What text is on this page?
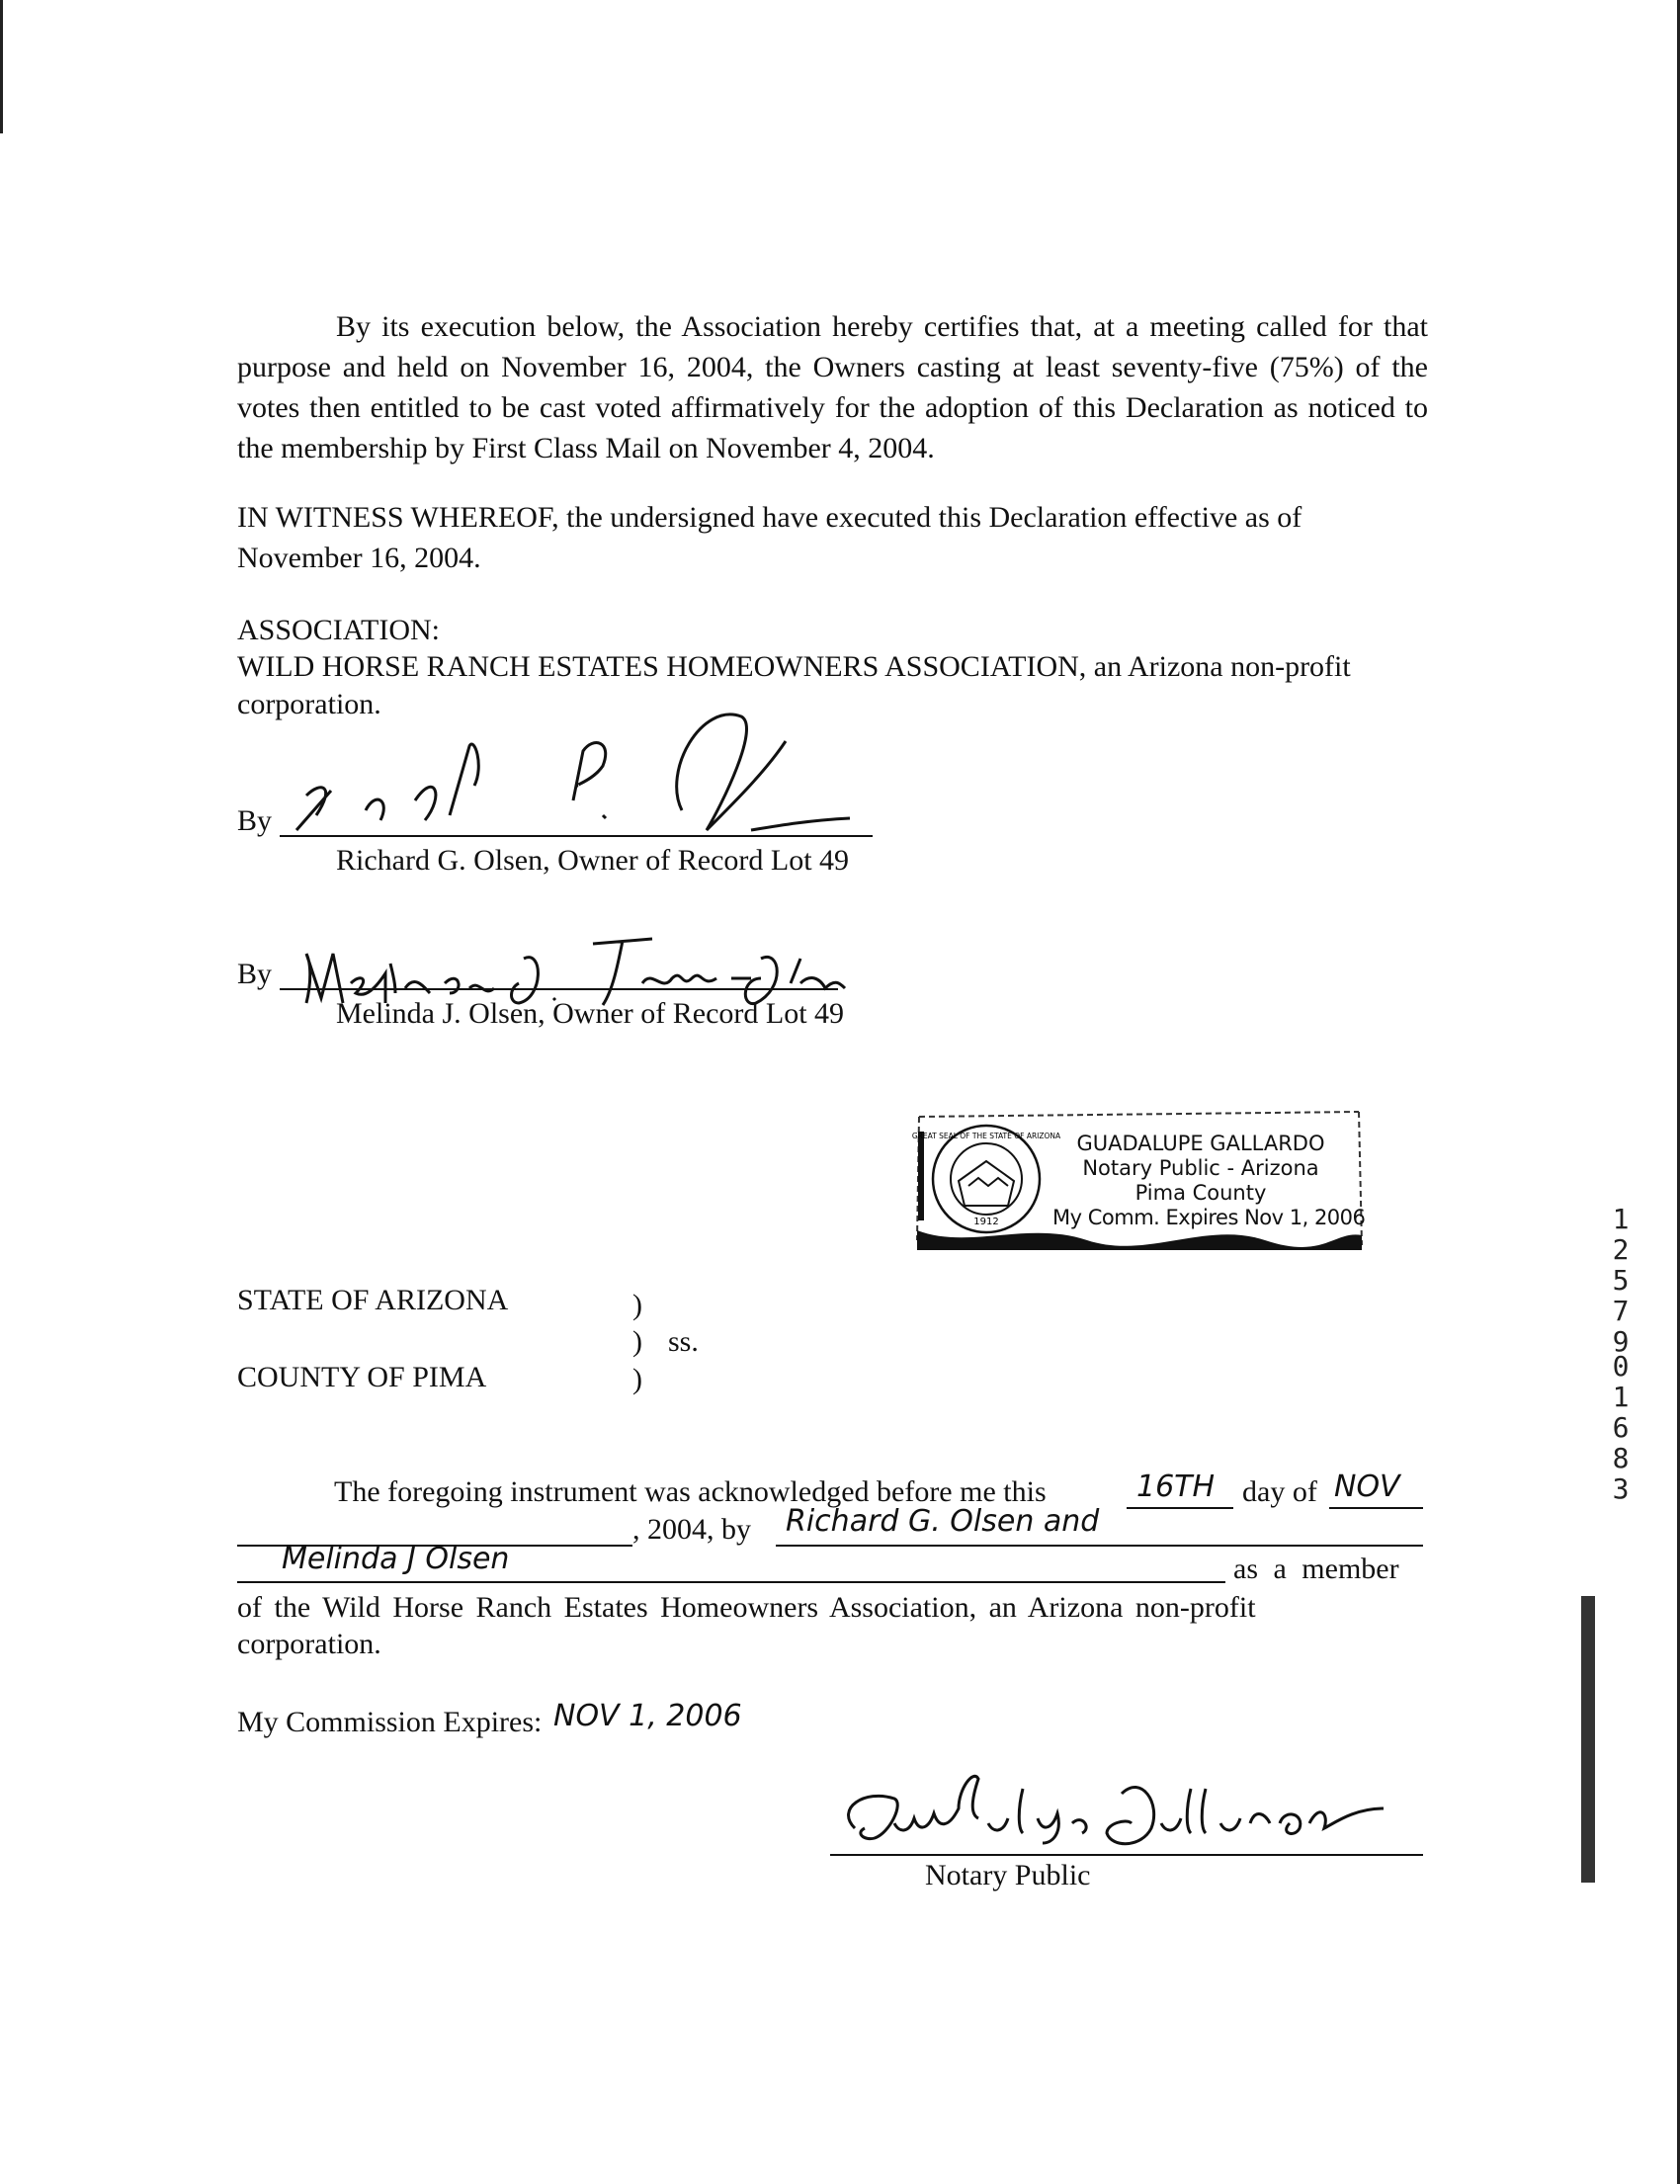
By its execution below, the Association hereby certifies that, at a meeting called for that purpose and held on November 16, 2004, the Owners casting at least seventy-five (75%) of the votes then entitled to be cast voted affirmatively for the adoption of this Declaration as noticed to the membership by First Class Mail on November 4, 2004.

IN WITNESS WHEREOF, the undersigned have executed this Declaration effective as of November 16, 2004.

ASSOCIATION:

WILD HORSE RANCH ESTATES HOMEOWNERS ASSOCIATION, an Arizona non-profit corporation.

By
Richard G. Olsen, Owner of Record Lot 49
By
Melinda J. Olsen, Owner of Record Lot 49
1912
GREAT SEAL OF THE STATE OF ARIZONA GUADALUPE GALLARDO
Notary Public - Arizona
Pima County
My Comm. Expires Nov 1, 2006
STATE OF ARIZONA	)
) ss.
COUNTY OF PIMA	)
The foregoing instrument was acknowledged before me this	16TH day of NOV
, 2004, by Richard G. Olsen and
Melinda J Olsen	as a member
of the Wild Horse Ranch Estates Homeowners Association, an Arizona non-profit
corporation.
My Commission Expires: NOV 1, 2006
Notary Public
12579
01683
